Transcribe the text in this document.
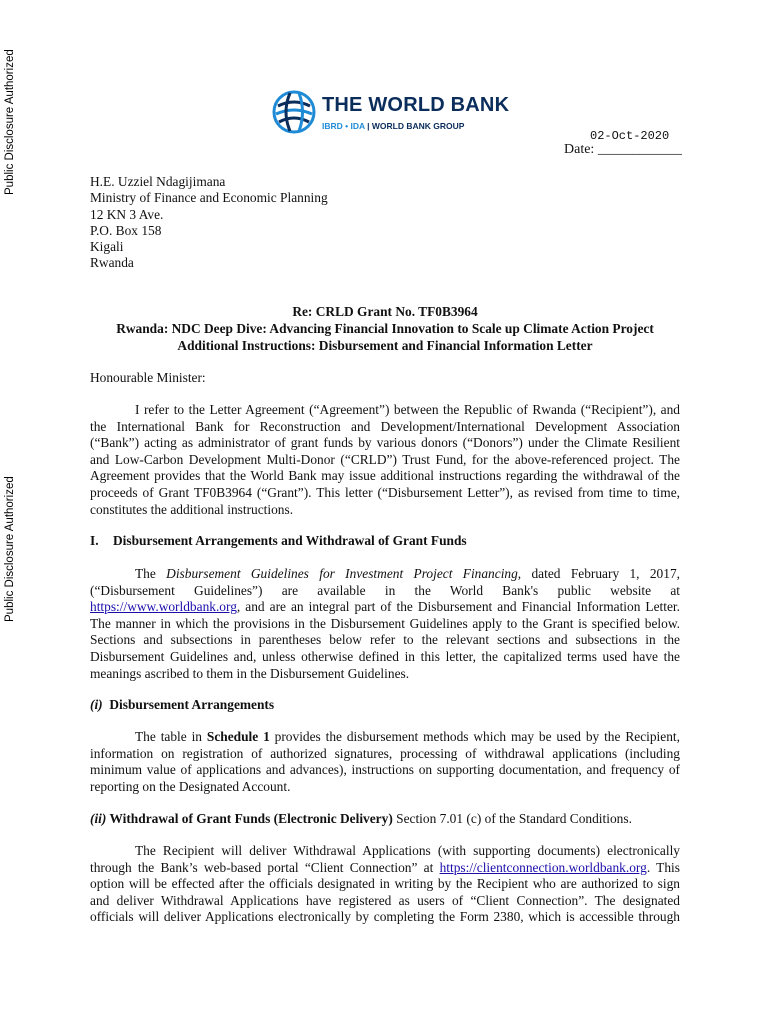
Public Disclosure Authorized
Public Disclosure Authorized
THE WORLD BANK
IBRD • IDA | WORLD BANK GROUP
02-Oct-2020
Date: ____________
H.E. Uzziel Ndagijimana
Ministry of Finance and Economic Planning
12 KN 3 Ave.
P.O. Box 158
Kigali
Rwanda
Re: CRLD Grant No. TF0B3964
Rwanda: NDC Deep Dive: Advancing Financial Innovation to Scale up Climate Action Project
Additional Instructions: Disbursement and Financial Information Letter
Honourable Minister:
I refer to the Letter Agreement (“Agreement”) between the Republic of Rwanda (“Recipient”), and
the International Bank for Reconstruction and Development/International Development Association
(“Bank”) acting as administrator of grant funds by various donors (“Donors”) under the Climate Resilient
and Low-Carbon Development Multi-Donor (“CRLD”) Trust Fund, for the above-referenced project. The
Agreement provides that the World Bank may issue additional instructions regarding the withdrawal of the
proceeds of Grant TF0B3964 (“Grant”). This letter (“Disbursement Letter”), as revised from time to time,
constitutes the additional instructions.
I. Disbursement Arrangements and Withdrawal of Grant Funds
The Disbursement Guidelines for Investment Project Financing, dated February 1, 2017,
(“Disbursement Guidelines”) are available in the World Bank's public website at
https://www.worldbank.org, and are an integral part of the Disbursement and Financial Information Letter.
The manner in which the provisions in the Disbursement Guidelines apply to the Grant is specified below.
Sections and subsections in parentheses below refer to the relevant sections and subsections in the
Disbursement Guidelines and, unless otherwise defined in this letter, the capitalized terms used have the
meanings ascribed to them in the Disbursement Guidelines.
(i) Disbursement Arrangements
The table in Schedule 1 provides the disbursement methods which may be used by the Recipient,
information on registration of authorized signatures, processing of withdrawal applications (including
minimum value of applications and advances), instructions on supporting documentation, and frequency of
reporting on the Designated Account.
(ii) Withdrawal of Grant Funds (Electronic Delivery) Section 7.01 (c) of the Standard Conditions.
The Recipient will deliver Withdrawal Applications (with supporting documents) electronically
through the Bank’s web-based portal “Client Connection” at https://clientconnection.worldbank.org. This
option will be effected after the officials designated in writing by the Recipient who are authorized to sign
and deliver Withdrawal Applications have registered as users of “Client Connection”. The designated
officials will deliver Applications electronically by completing the Form 2380, which is accessible through
